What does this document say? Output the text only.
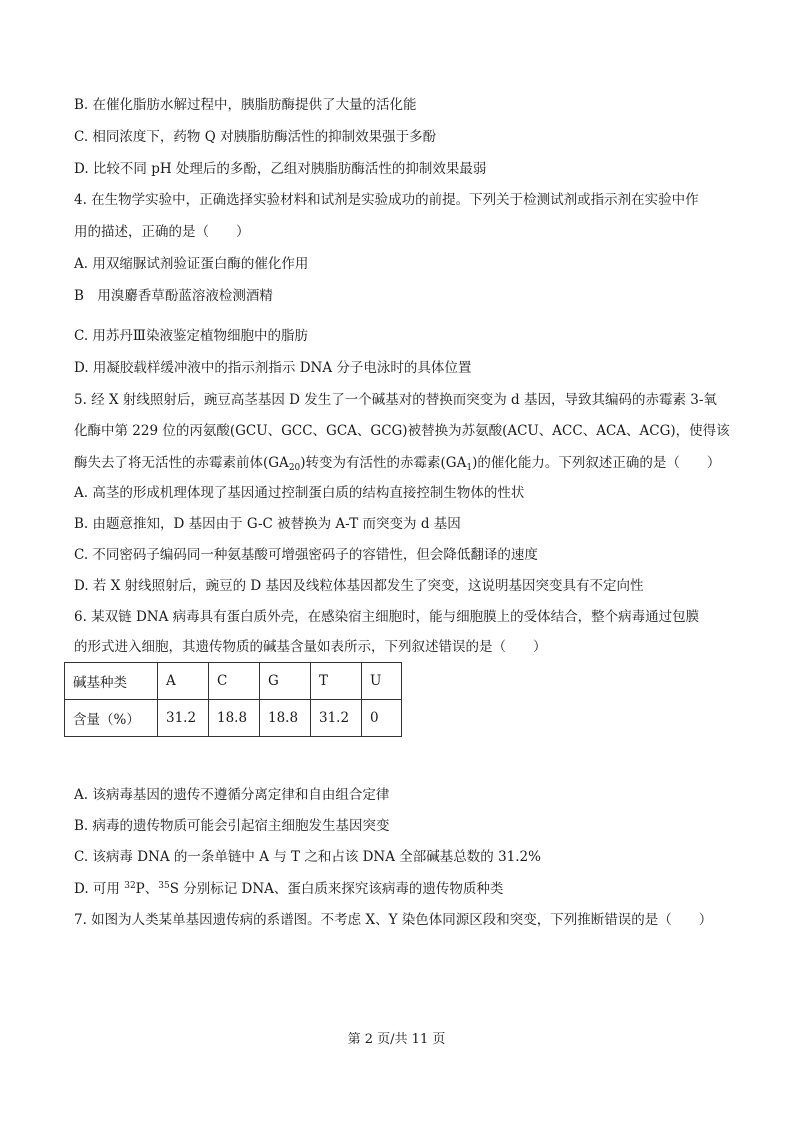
B. 在催化脂肪水解过程中，胰脂肪酶提供了大量的活化能
C. 相同浓度下，药物 Q 对胰脂肪酶活性的抑制效果强于多酚
D. 比较不同 pH 处理后的多酚，乙组对胰脂肪酶活性的抑制效果最弱
4. 在生物学实验中，正确选择实验材料和试剂是实验成功的前提。下列关于检测试剂或指示剂在实验中作
用的描述，正确的是（　　）
A. 用双缩脲试剂验证蛋白酶的催化作用
B　用溴麝香草酚蓝溶液检测酒精
C. 用苏丹Ⅲ染液鉴定植物细胞中的脂肪
D. 用凝胶载样缓冲液中的指示剂指示 DNA 分子电泳时的具体位置
5. 经 X 射线照射后，豌豆高茎基因 D 发生了一个碱基对的替换而突变为 d 基因，导致其编码的赤霉素 3-氧
化酶中第 229 位的丙氨酸(GCU、GCC、GCA、GCG)被替换为苏氨酸(ACU、ACC、ACA、ACG)，使得该
酶失去了将无活性的赤霉素前体$(GA_{20})$转变为有活性的赤霉素$(GA_1)$的催化能力。下列叙述正确的是（　　）
A. 高茎的形成机理体现了基因通过控制蛋白质的结构直接控制生物体的性状
B. 由题意推知，D 基因由于 G-C 被替换为 A-T 而突变为 d 基因
C. 不同密码子编码同一种氨基酸可增强密码子的容错性，但会降低翻译的速度
D. 若 X 射线照射后，豌豆的 D 基因及线粒体基因都发生了突变，这说明基因突变具有不定向性
6. 某双链 DNA 病毒具有蛋白质外壳，在感染宿主细胞时，能与细胞膜上的受体结合，整个病毒通过包膜
的形式进入细胞，其遗传物质的碱基含量如表所示，下列叙述错误的是（　　）
碱基种类	A	C	G	T	U
含量（%）	31.2	18.8	18.8	31.2	0
A. 该病毒基因的遗传不遵循分离定律和自由组合定律
B. 病毒的遗传物质可能会引起宿主细胞发生基因突变
C. 该病毒 DNA 的一条单链中 A 与 T 之和占该 DNA 全部碱基总数的 31.2%
D. 可用 $^{32}$P、$^{35}$S 分别标记 DNA、蛋白质来探究该病毒的遗传物质种类
7. 如图为人类某单基因遗传病的系谱图。不考虑 X、Y 染色体同源区段和突变，下列推断错误的是（　　）
第 2 页/共 11 页
